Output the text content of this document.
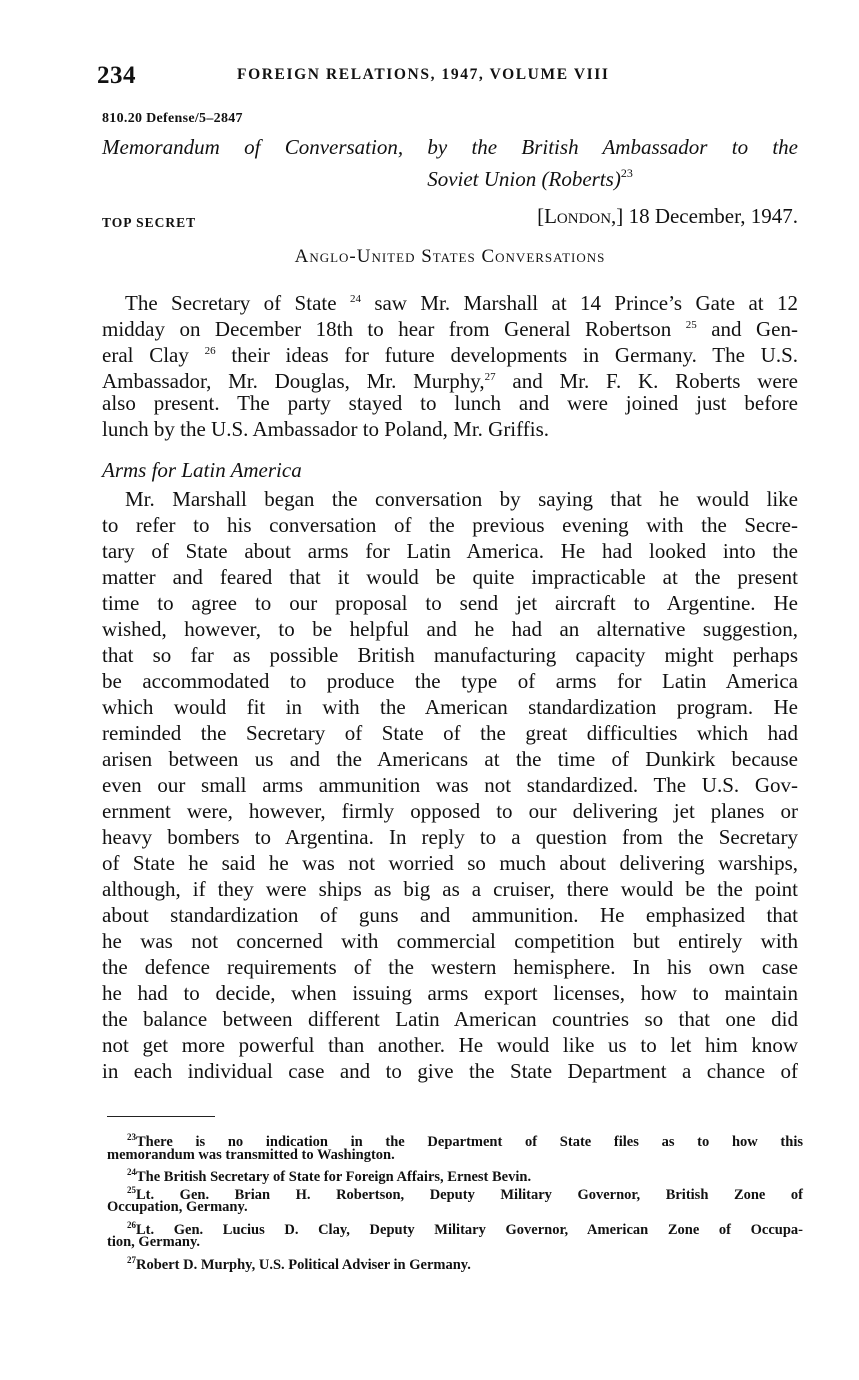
234	FOREIGN RELATIONS, 1947, VOLUME VIII
810.20 Defense/5–2847
Memorandum of Conversation, by the British Ambassador to the
Soviet Union (Roberts)$^{23}$
TOP SECRET	[London,] 18 December, 1947.
Anglo-United States Conversations
The Secretary of State $^{24}$ saw Mr. Marshall at 14 Prince’s Gate at 12
midday on December 18th to hear from General Robertson $^{25}$ and Gen-
eral Clay $^{26}$ their ideas for future developments in Germany. The U.S.
Ambassador, Mr. Douglas, Mr. Murphy,$^{27}$ and Mr. F. K. Roberts were
also present. The party stayed to lunch and were joined just before
lunch by the U.S. Ambassador to Poland, Mr. Griffis.
Arms for Latin America
Mr. Marshall began the conversation by saying that he would like
to refer to his conversation of the previous evening with the Secre-
tary of State about arms for Latin America. He had looked into the
matter and feared that it would be quite impracticable at the present
time to agree to our proposal to send jet aircraft to Argentine. He
wished, however, to be helpful and he had an alternative suggestion,
that so far as possible British manufacturing capacity might perhaps
be accommodated to produce the type of arms for Latin America
which would fit in with the American standardization program. He
reminded the Secretary of State of the great difficulties which had
arisen between us and the Americans at the time of Dunkirk because
even our small arms ammunition was not standardized. The U.S. Gov-
ernment were, however, firmly opposed to our delivering jet planes or
heavy bombers to Argentina. In reply to a question from the Secretary
of State he said he was not worried so much about delivering warships,
although, if they were ships as big as a cruiser, there would be the point
about standardization of guns and ammunition. He emphasized that
he was not concerned with commercial competition but entirely with
the defence requirements of the western hemisphere. In his own case
he had to decide, when issuing arms export licenses, how to maintain
the balance between different Latin American countries so that one did
not get more powerful than another. He would like us to let him know
in each individual case and to give the State Department a chance of
$^{23}$There is no indication in the Department of State files as to how this
memorandum was transmitted to Washington.
$^{24}$The British Secretary of State for Foreign Affairs, Ernest Bevin.
$^{25}$Lt. Gen. Brian H. Robertson, Deputy Military Governor, British Zone of
Occupation, Germany.
$^{26}$Lt. Gen. Lucius D. Clay, Deputy Military Governor, American Zone of Occupa-
tion, Germany.
$^{27}$Robert D. Murphy, U.S. Political Adviser in Germany.
